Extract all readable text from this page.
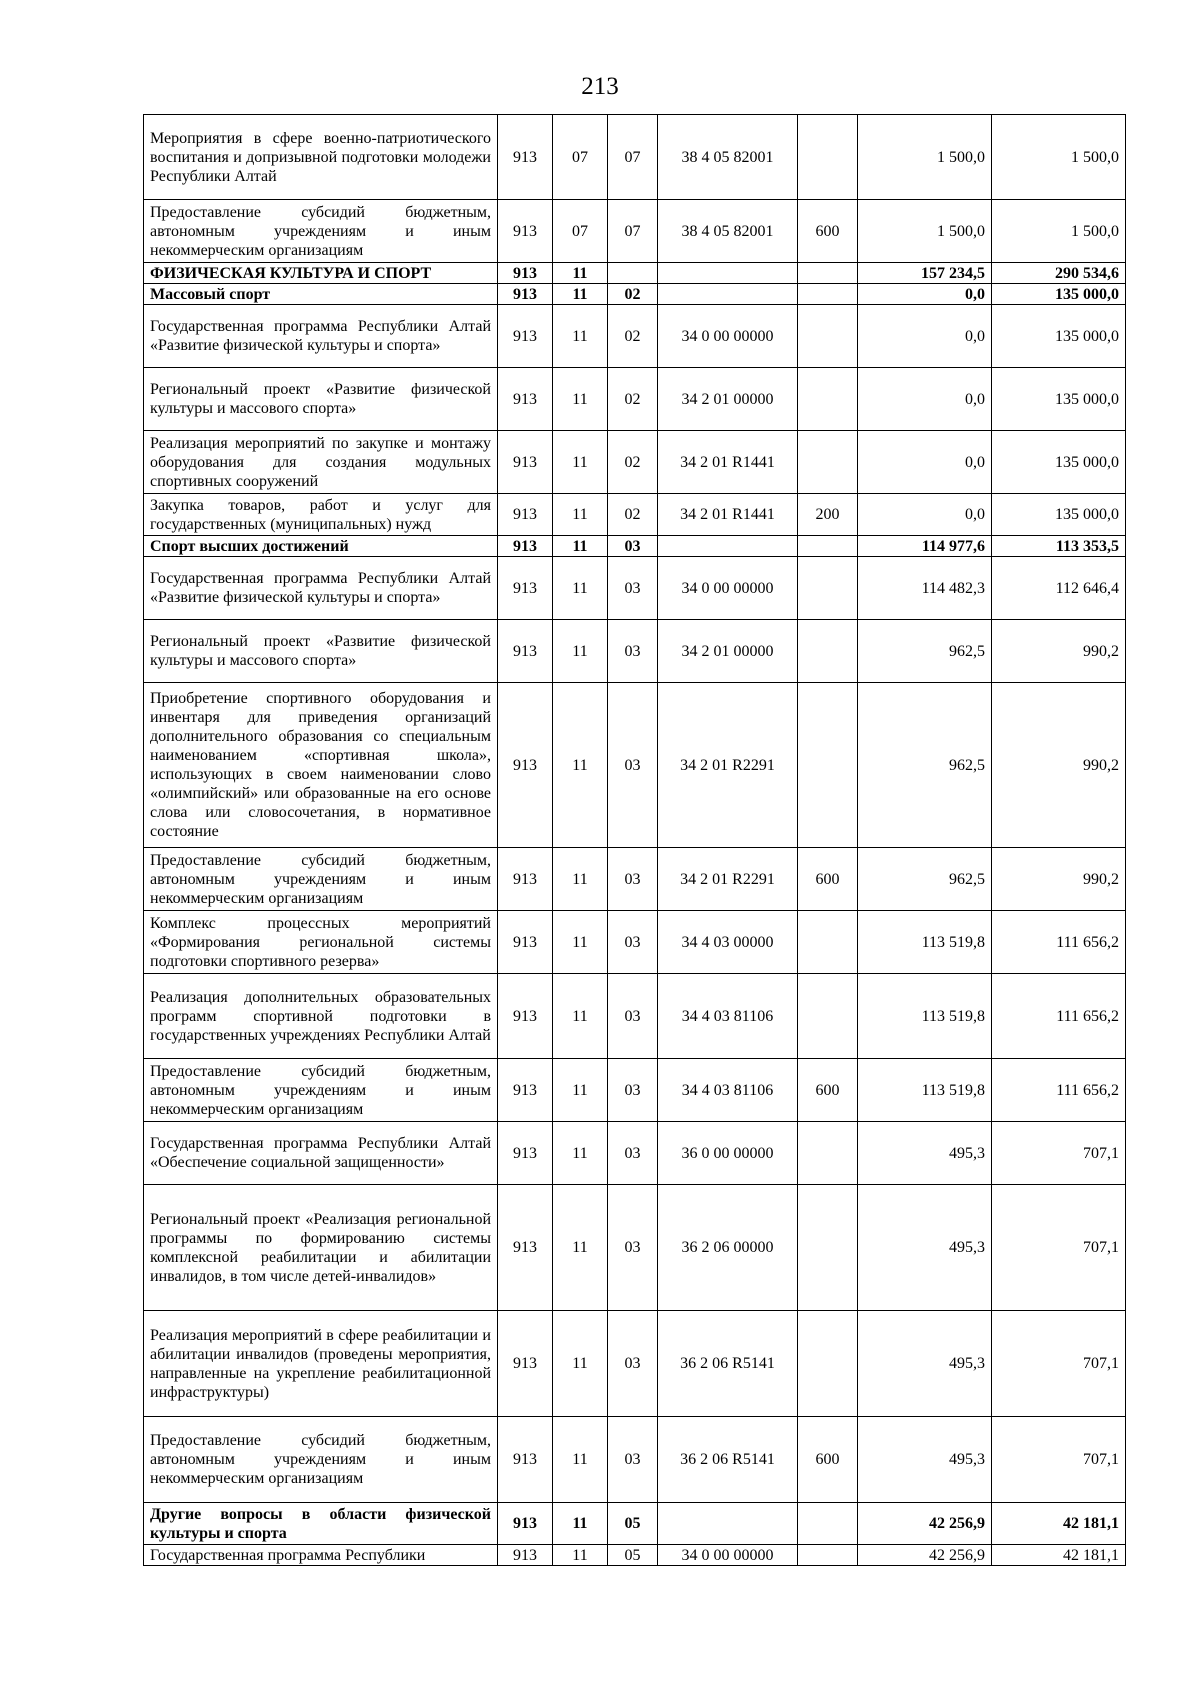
213
Мероприятия в сфере военно-патриотического воспитания и допризывной подготовки молодежи Республики Алтай	913	07	07	38 4 05 82001		1 500,0	1 500,0
Предоставление субсидий бюджетным, автономным учреждениям и иным некоммерческим организациям	913	07	07	38 4 05 82001	600	1 500,0	1 500,0
ФИЗИЧЕСКАЯ КУЛЬТУРА И СПОРТ	913	11				157 234,5	290 534,6
Массовый спорт	913	11	02			0,0	135 000,0
Государственная программа Республики Алтай «Развитие физической культуры и спорта»	913	11	02	34 0 00 00000		0,0	135 000,0
Региональный проект «Развитие физической культуры и массового спорта»	913	11	02	34 2 01 00000		0,0	135 000,0
Реализация мероприятий по закупке и монтажу оборудования для создания модульных спортивных сооружений	913	11	02	34 2 01 R1441		0,0	135 000,0
Закупка товаров, работ и услуг для государственных (муниципальных) нужд	913	11	02	34 2 01 R1441	200	0,0	135 000,0
Спорт высших достижений	913	11	03			114 977,6	113 353,5
Государственная программа Республики Алтай «Развитие физической культуры и спорта»	913	11	03	34 0 00 00000		114 482,3	112 646,4
Региональный проект «Развитие физической культуры и массового спорта»	913	11	03	34 2 01 00000		962,5	990,2
Приобретение спортивного оборудования и инвентаря для приведения организаций дополнительного образования со специальным наименованием «спортивная школа», использующих в своем наименовании слово «олимпийский» или образованные на его основе слова или словосочетания, в нормативное состояние	913	11	03	34 2 01 R2291		962,5	990,2
Предоставление субсидий бюджетным, автономным учреждениям и иным некоммерческим организациям	913	11	03	34 2 01 R2291	600	962,5	990,2
Комплекс процессных мероприятий «Формирования региональной системы подготовки спортивного резерва»	913	11	03	34 4 03 00000		113 519,8	111 656,2
Реализация дополнительных образовательных программ спортивной подготовки в государственных учреждениях Республики Алтай	913	11	03	34 4 03 81106		113 519,8	111 656,2
Предоставление субсидий бюджетным, автономным учреждениям и иным некоммерческим организациям	913	11	03	34 4 03 81106	600	113 519,8	111 656,2
Государственная программа Республики Алтай «Обеспечение социальной защищенности»	913	11	03	36 0 00 00000		495,3	707,1
Региональный проект «Реализация региональной программы по формированию системы комплексной реабилитации и абилитации инвалидов, в том числе детей-инвалидов»	913	11	03	36 2 06 00000		495,3	707,1
Реализация мероприятий в сфере реабилитации и абилитации инвалидов (проведены мероприятия, направленные на укрепление реабилитационной инфраструктуры)	913	11	03	36 2 06 R5141		495,3	707,1
Предоставление субсидий бюджетным, автономным учреждениям и иным некоммерческим организациям	913	11	03	36 2 06 R5141	600	495,3	707,1
Другие вопросы в области физической культуры и спорта	913	11	05			42 256,9	42 181,1
Государственная программа Республики	913	11	05	34 0 00 00000		42 256,9	42 181,1
